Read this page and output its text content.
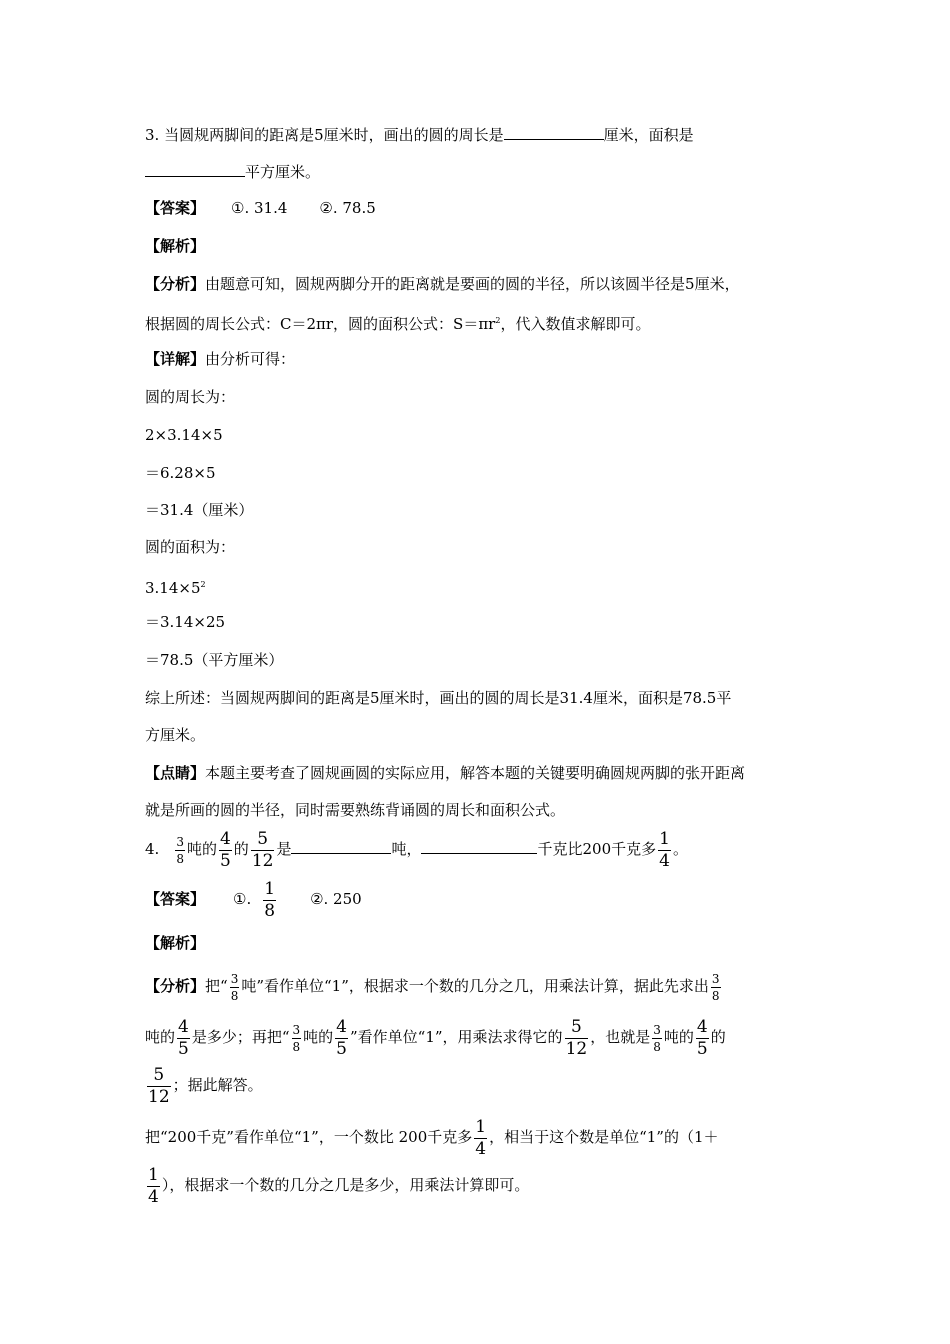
3. 当圆规两脚间的距离是5厘米时，画出的圆的周长是	厘米，面积是
平方厘米。
【答案】 ①. 31.4 ②. 78.5
【解析】
【分析】由题意可知，圆规两脚分开的距离就是要画的圆的半径，所以该圆半径是5厘米，
根据圆的周长公式：C＝2πr，圆的面积公式：$S=\pi r^2$，代入数值求解即可。
【详解】由分析可得：
圆的周长为：
2×3.14×5
＝6.28×5
＝31.4（厘米）
圆的面积为：
$3.14\times 5^2$
＝3.14×25
＝78.5（平方厘米）
综上所述：当圆规两脚间的距离是5厘米时，画出的圆的周长是31.4厘米，面积是78.5平
方厘米。
【点睛】本题主要考查了圆规画圆的实际应用，解答本题的关键要明确圆规两脚的张开距离
就是所画的圆的半径，同时需要熟练背诵圆的周长和面积公式。
4. $\frac{3}{8}$ 吨的 $\frac{4}{5}$ 的 $\frac{5}{12}$ 是	吨，	千克比200千克多 $\frac{1}{4}$ 。
【答案】 ①. $\frac{1}{8}$ ②. 250
【解析】
【分析】把“ $\frac{3}{8}$ 吨”看作单位“1”，根据求一个数的几分之几，用乘法计算，据此先求出 $\frac{3}{8}$
吨的 $\frac{4}{5}$ 是多少；再把“ $\frac{3}{8}$ 吨的 $\frac{4}{5}$ ”看作单位“1”，用乘法求得它的 $\frac{5}{12}$ ，也就是 $\frac{3}{8}$ 吨的 $\frac{4}{5}$ 的
$\frac{5}{12}$ ；据此解答。
把“200千克”看作单位“1”，一个数比 200千克多 $\frac{1}{4}$ ，相当于这个数是单位“1”的（1＋
$\frac{1}{4}$ ），根据求一个数的几分之几是多少，用乘法计算即可。
